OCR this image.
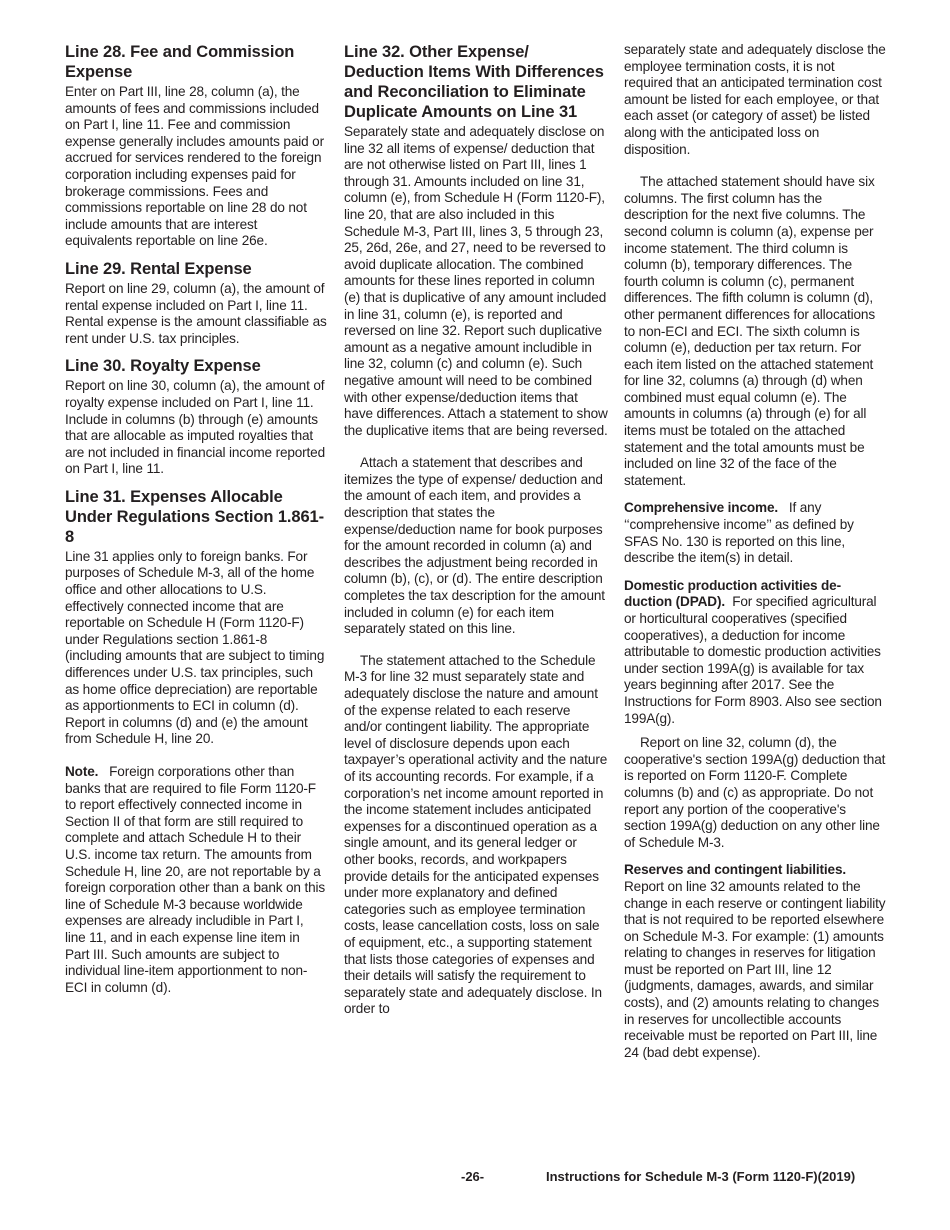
Line 28. Fee and Commission Expense

Enter on Part III, line 28, column (a), the amounts of fees and commissions included on Part I, line 11. Fee and commission expense generally includes amounts paid or accrued for services rendered to the foreign corporation including expenses paid for brokerage commissions. Fees and commissions reportable on line 28 do not include amounts that are interest equivalents reportable on line 26e.

Line 29. Rental Expense

Report on line 29, column (a), the amount of rental expense included on Part I, line 11. Rental expense is the amount classifiable as rent under U.S. tax principles.

Line 30. Royalty Expense

Report on line 30, column (a), the amount of royalty expense included on Part I, line 11. Include in columns (b) through (e) amounts that are allocable as imputed royalties that are not included in financial income reported on Part I, line 11.

Line 31. Expenses Allocable Under Regulations Section 1.861-8

Line 31 applies only to foreign banks. For purposes of Schedule M-3, all of the home office and other allocations to U.S. effectively connected income that are reportable on Schedule H (Form 1120-F) under Regulations section 1.861-8 (including amounts that are subject to timing differences under U.S. tax principles, such as home office depreciation) are reportable as apportionments to ECI in column (d). Report in columns (d) and (e) the amount from Schedule H, line 20.

Note. Foreign corporations other than banks that are required to file Form 1120-F to report effectively connected income in Section II of that form are still required to complete and attach Schedule H to their U.S. income tax return. The amounts from Schedule H, line 20, are not reportable by a foreign corporation other than a bank on this line of Schedule M-3 because worldwide expenses are already includible in Part I, line 11, and in each expense line item in Part III. Such amounts are subject to individual line-item apportionment to non-ECI in column (d).

Line 32. Other Expense/ Deduction Items With Differences and Reconciliation to Eliminate Duplicate Amounts on Line 31

Separately state and adequately disclose on line 32 all items of expense/ deduction that are not otherwise listed on Part III, lines 1 through 31. Amounts included on line 31, column (e), from Schedule H (Form 1120-F), line 20, that are also included in this Schedule M-3, Part III, lines 3, 5 through 23, 25, 26d, 26e, and 27, need to be reversed to avoid duplicate allocation. The combined amounts for these lines reported in column (e) that is duplicative of any amount included in line 31, column (e), is reported and reversed on line 32. Report such duplicative amount as a negative amount includible in line 32, column (c) and column (e). Such negative amount will need to be combined with other expense/deduction items that have differences. Attach a statement to show the duplicative items that are being reversed.

Attach a statement that describes and itemizes the type of expense/ deduction and the amount of each item, and provides a description that states the expense/deduction name for book purposes for the amount recorded in column (a) and describes the adjustment being recorded in column (b), (c), or (d). The entire description completes the tax description for the amount included in column (e) for each item separately stated on this line.

The statement attached to the Schedule M-3 for line 32 must separately state and adequately disclose the nature and amount of the expense related to each reserve and/or contingent liability. The appropriate level of disclosure depends upon each taxpayer’s operational activity and the nature of its accounting records. For example, if a corporation’s net income amount reported in the income statement includes anticipated expenses for a discontinued operation as a single amount, and its general ledger or other books, records, and workpapers provide details for the anticipated expenses under more explanatory and defined categories such as employee termination costs, lease cancellation costs, loss on sale of equipment, etc., a supporting statement that lists those categories of expenses and their details will satisfy the requirement to separately state and adequately disclose. In order to

separately state and adequately disclose the employee termination costs, it is not required that an anticipated termination cost amount be listed for each employee, or that each asset (or category of asset) be listed along with the anticipated loss on disposition.

The attached statement should have six columns. The first column has the description for the next five columns. The second column is column (a), expense per income statement. The third column is column (b), temporary differences. The fourth column is column (c), permanent differences. The fifth column is column (d), other permanent differences for allocations to non-ECI and ECI. The sixth column is column (e), deduction per tax return. For each item listed on the attached statement for line 32, columns (a) through (d) when combined must equal column (e). The amounts in columns (a) through (e) for all items must be totaled on the attached statement and the total amounts must be included on line 32 of the face of the statement.

Comprehensive income. If any ‘‘comprehensive income’’ as defined by SFAS No. 130 is reported on this line, describe the item(s) in detail.

Domestic production activities de- duction (DPAD). For specified agricultural or horticultural cooperatives (specified cooperatives), a deduction for income attributable to domestic production activities under section 199A(g) is available for tax years beginning after 2017. See the Instructions for Form 8903. Also see section 199A(g).

Report on line 32, column (d), the cooperative's section 199A(g) deduction that is reported on Form 1120-F. Complete columns (b) and (c) as appropriate. Do not report any portion of the cooperative's section 199A(g) deduction on any other line of Schedule M-3.

Reserves and contingent liabilities. Report on line 32 amounts related to the change in each reserve or contingent liability that is not required to be reported elsewhere on Schedule M-3. For example: (1) amounts relating to changes in reserves for litigation must be reported on Part III, line 12 (judgments, damages, awards, and similar costs), and (2) amounts relating to changes in reserves for uncollectible accounts receivable must be reported on Part III, line 24 (bad debt expense).

-26-	Instructions for Schedule M-3 (Form 1120-F)(2019)
